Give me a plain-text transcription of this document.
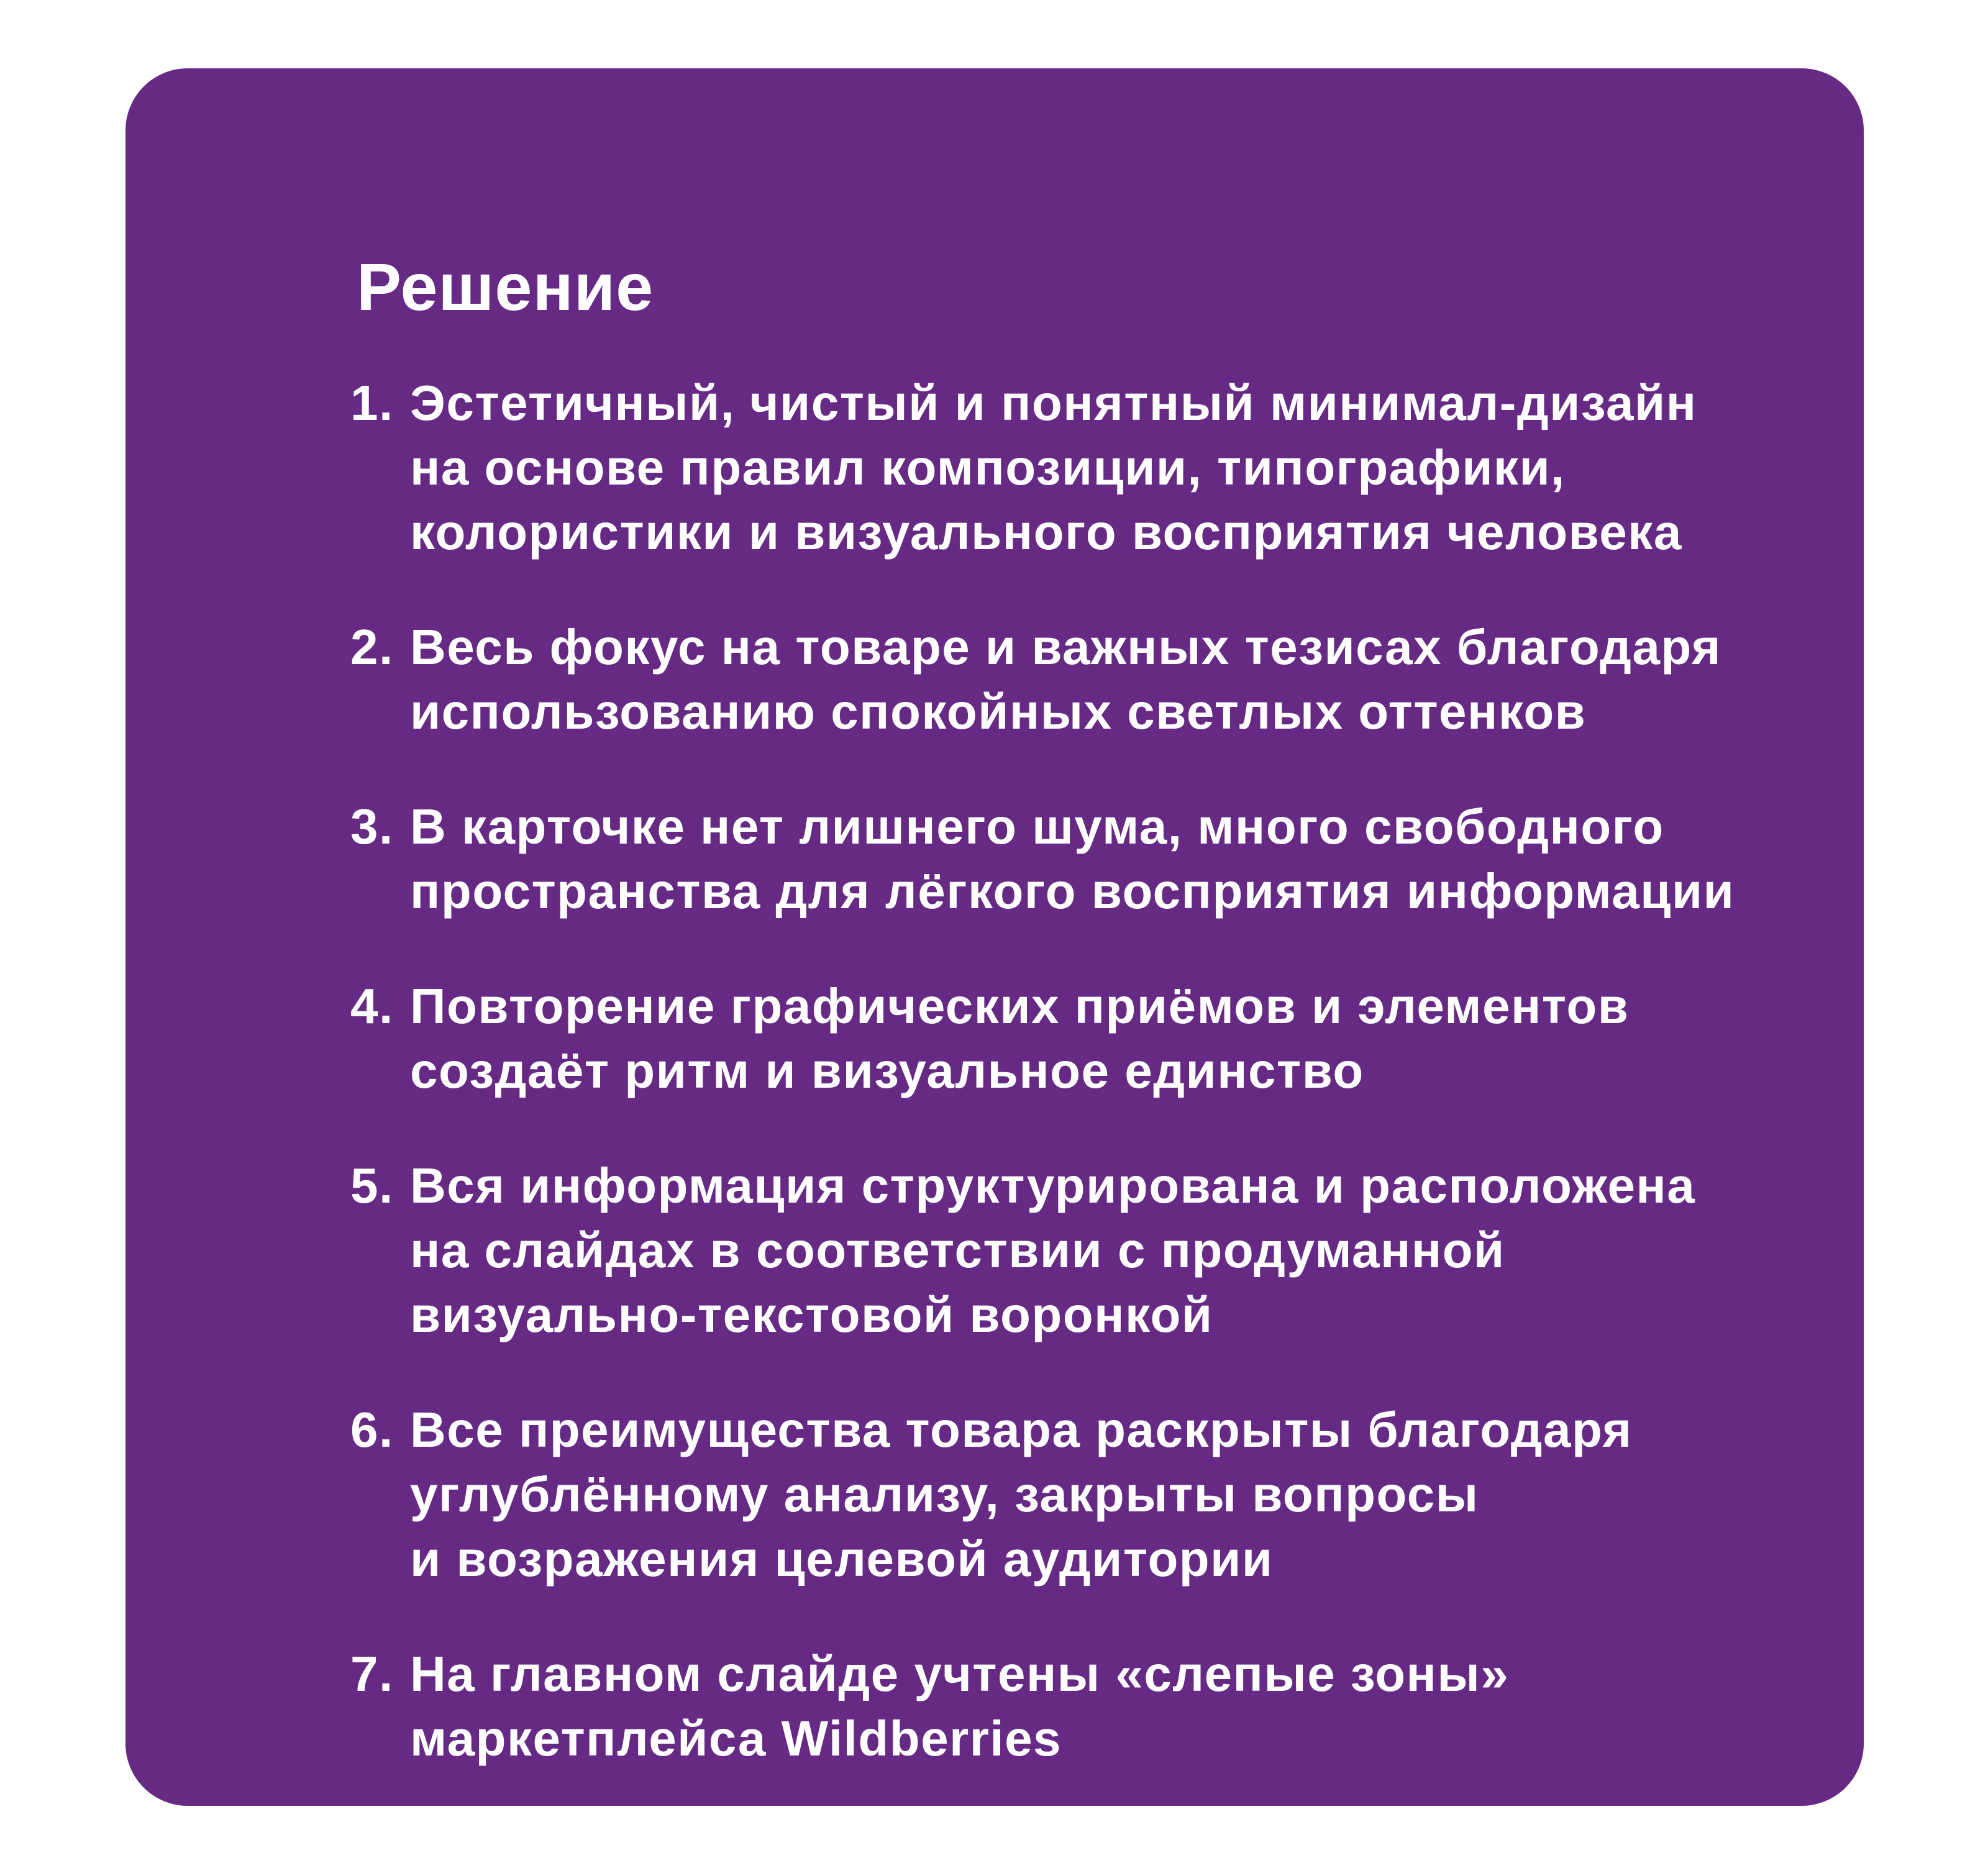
Решение
1. Эстетичный, чистый и понятный минимал-дизайн
на основе правил композиции, типографики,
колористики и визуального восприятия человека
2. Весь фокус на товаре и важных тезисах благодаря
использованию спокойных светлых оттенков
3. В карточке нет лишнего шума, много свободного
пространства для лёгкого восприятия информации
4. Повторение графических приёмов и элементов
создаёт ритм и визуальное единство
5. Вся информация структурирована и расположена
на слайдах в соответствии с продуманной
визуально-текстовой воронкой
6. Все преимущества товара раскрыты благодаря
углублённому анализу, закрыты вопросы
и возражения целевой аудитории
7. На главном слайде учтены «слепые зоны»
маркетплейса Wildberries
